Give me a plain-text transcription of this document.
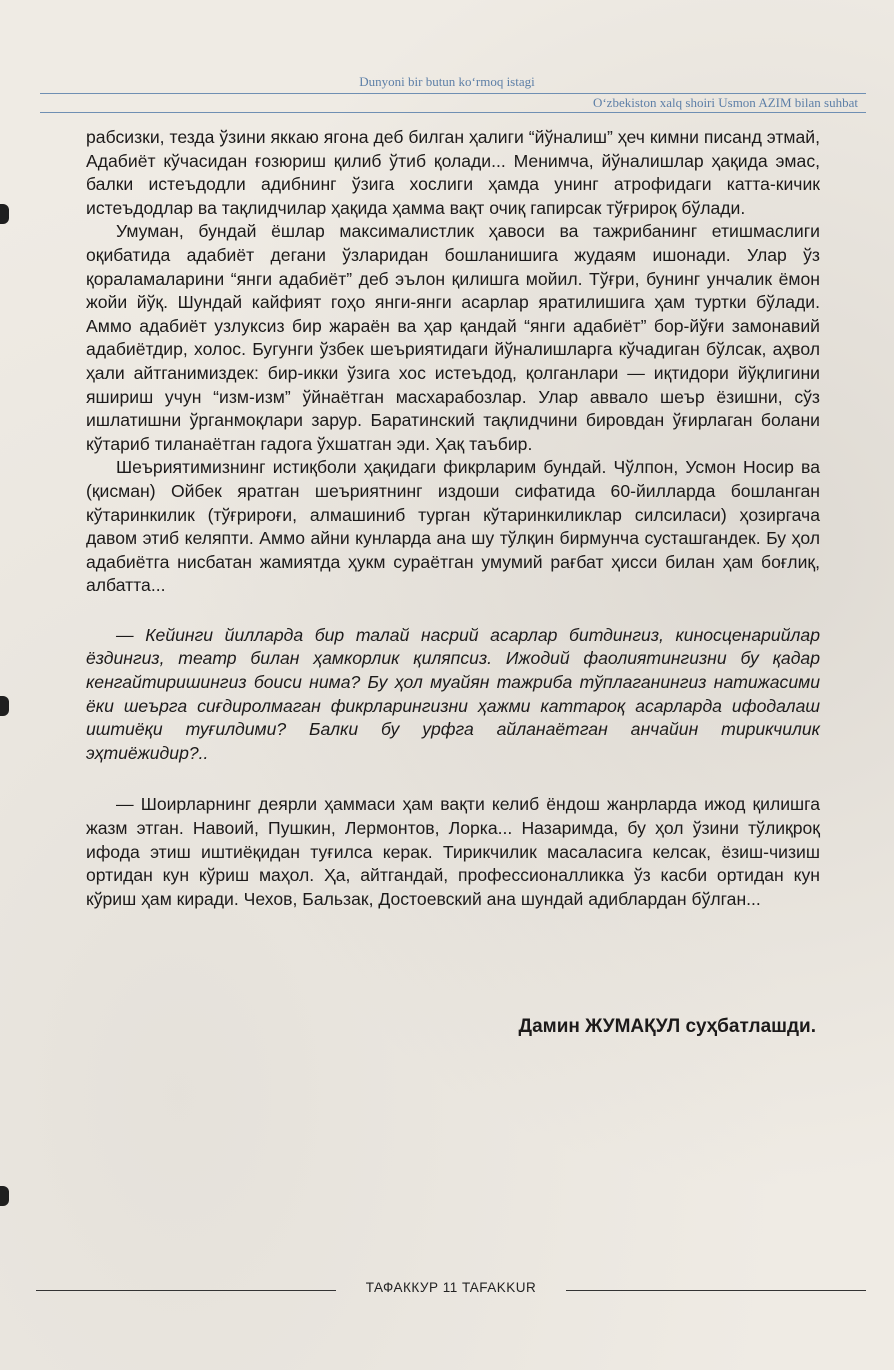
Dunyoni bir butun koʻrmoq istagi
Oʻzbekiston xalq shoiri Usmon AZIM bilan suhbat

рабсизки, тезда ўзини яккаю ягона деб билган ҳалиги “йўналиш” ҳеч кимни писанд этмай, Адабиёт кўчасидан ғозюриш қилиб ўтиб қолади... Менимча, йўналишлар ҳақида эмас, балки истеъдодли адибнинг ўзига хослиги ҳамда унинг атрофидаги катта-кичик истеъдодлар ва тақлидчилар ҳақида ҳамма вақт очиқ гапирсак тўғрироқ бўлади.

Умуман, бундай ёшлар максималистлик ҳавоси ва тажрибанинг етишмаслиги оқибатида адабиёт дегани ўзларидан бошланишига жудаям ишонади. Улар ўз қораламаларини “янги адабиёт” деб эълон қилишга мойил. Тўғри, бунинг унчалик ёмон жойи йўқ. Шундай кайфият гоҳо янги-янги асарлар яратилишига ҳам туртки бўлади. Аммо адабиёт узлуксиз бир жараён ва ҳар қандай “янги адабиёт” бор-йўғи замонавий адабиётдир, холос. Бугунги ўзбек шеъриятидаги йўналишларга кўчадиган бўлсак, аҳвол ҳали айтганимиздек: бир-икки ўзига хос истеъдод, қолганлари — иқтидори йўқлигини яшириш учун “изм-изм” ўйнаётган масхарабозлар. Улар аввало шеър ёзишни, сўз ишлатишни ўрганмоқлари зарур. Баратинский тақлидчини бировдан ўғирлаган болани кўтариб тиланаётган гадога ўхшатган эди. Ҳақ таъбир.

Шеъриятимизнинг истиқболи ҳақидаги фикрларим бундай. Чўлпон, Усмон Носир ва (қисман) Ойбек яратган шеъриятнинг издоши сифатида 60-йилларда бошланган кўтаринкилик (тўғрироғи, алмашиниб турган кўтаринкиликлар силсиласи) ҳозиргача давом этиб келяпти. Аммо айни кунларда ана шу тўлқин бирмунча сусташгандек. Бу ҳол адабиётга нисбатан жамиятда ҳукм сураётган умумий рағбат ҳисси билан ҳам боғлиқ, албатта...

— Кейинги йилларда бир талай насрий асарлар битдингиз, киносценарийлар ёздингиз, театр билан ҳамкорлик қиляпсиз. Ижодий фаолиятингизни бу қадар кенгайтиришингиз боиси нима? Бу ҳол муайян тажриба тўплаганингиз натижасими ёки шеърга сиғдиролмаган фикрларингизни ҳажми каттароқ асарларда ифодалаш иштиёқи туғилдими? Балки бу урфга айланаётган анчайин тирикчилик эҳтиёжидир?..

— Шоирларнинг деярли ҳаммаси ҳам вақти келиб ёндош жанрларда ижод қилишга жазм этган. Навоий, Пушкин, Лермонтов, Лорка... Назаримда, бу ҳол ўзини тўлиқроқ ифода этиш иштиёқидан туғилса керак. Тирикчилик масаласига келсак, ёзиш-чизиш ортидан кун кўриш маҳол. Ҳа, айтгандай, профессионалликка ўз касби ортидан кун кўриш ҳам киради. Чехов, Бальзак, Достоевский ана шундай адиблардан бўлган...

Дамин ЖУМАҚУЛ суҳбатлашди.
ТАФАККУР 11 TAFAKKUR
